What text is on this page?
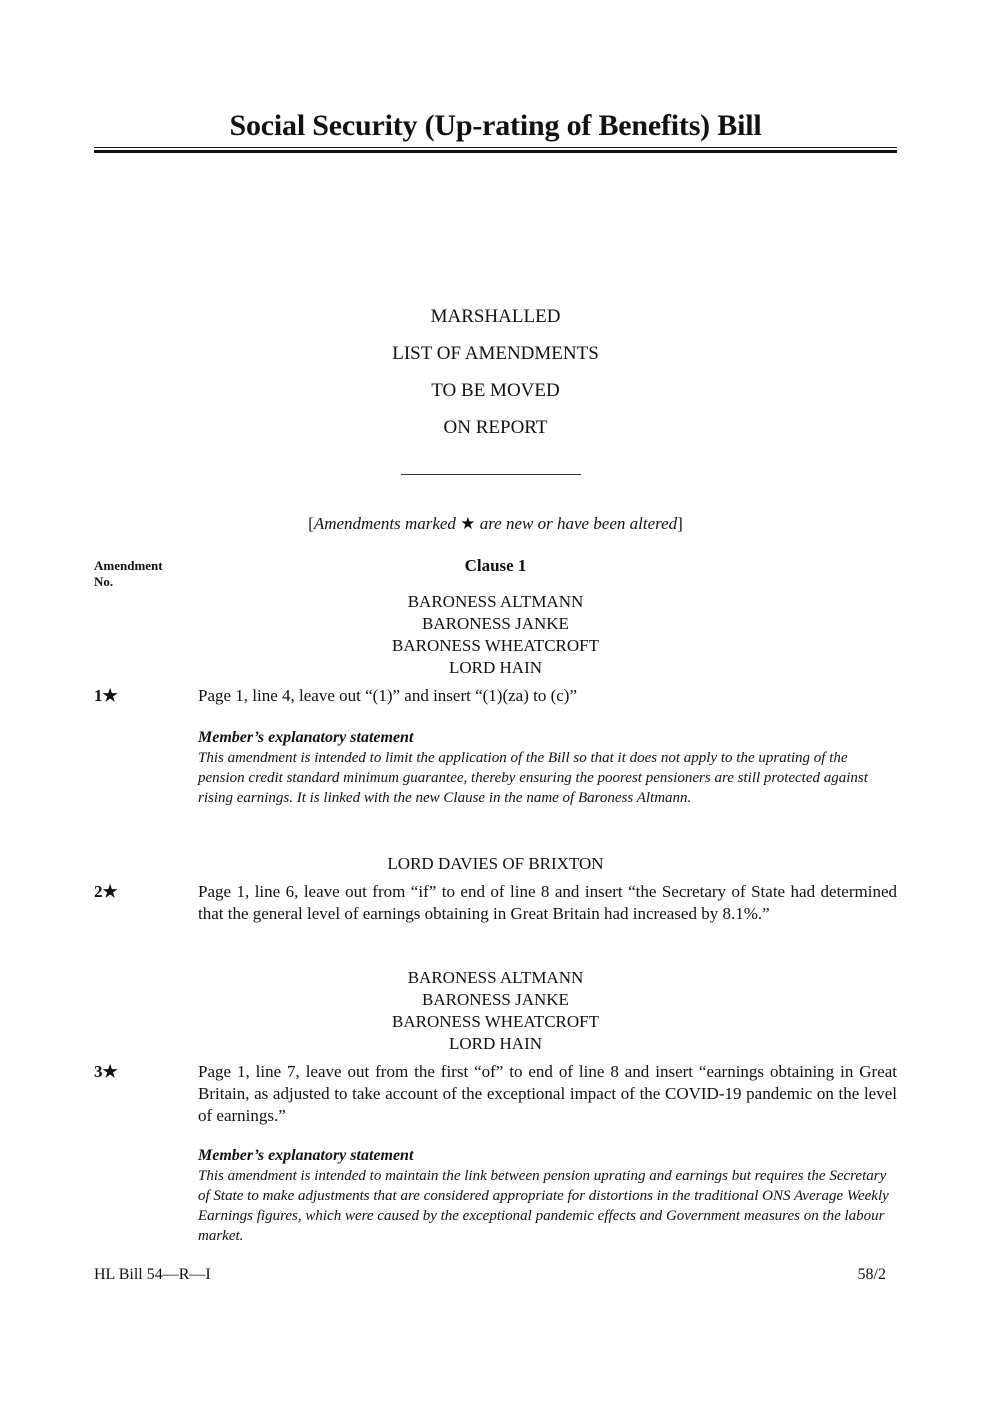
Social Security (Up-rating of Benefits) Bill
MARSHALLED
LIST OF AMENDMENTS
TO BE MOVED
ON REPORT
[Amendments marked ★ are new or have been altered]
Amendment
No.
Clause 1
BARONESS ALTMANN
BARONESS JANKE
BARONESS WHEATCROFT
LORD HAIN
1★	Page 1, line 4, leave out “(1)” and insert “(1)(za) to (c)”
Member’s explanatory statement
This amendment is intended to limit the application of the Bill so that it does not apply to the uprating of the pension credit standard minimum guarantee, thereby ensuring the poorest pensioners are still protected against rising earnings. It is linked with the new Clause in the name of Baroness Altmann.
LORD DAVIES OF BRIXTON
2★	Page 1, line 6, leave out from “if” to end of line 8 and insert “the Secretary of State had determined that the general level of earnings obtaining in Great Britain had increased by 8.1%.”
BARONESS ALTMANN
BARONESS JANKE
BARONESS WHEATCROFT
LORD HAIN
3★	Page 1, line 7, leave out from the first “of” to end of line 8 and insert “earnings obtaining in Great Britain, as adjusted to take account of the exceptional impact of the COVID-19 pandemic on the level of earnings.”
Member’s explanatory statement
This amendment is intended to maintain the link between pension uprating and earnings but requires the Secretary of State to make adjustments that are considered appropriate for distortions in the traditional ONS Average Weekly Earnings figures, which were caused by the exceptional pandemic effects and Government measures on the labour market.
HL Bill 54—R—I	58/2
